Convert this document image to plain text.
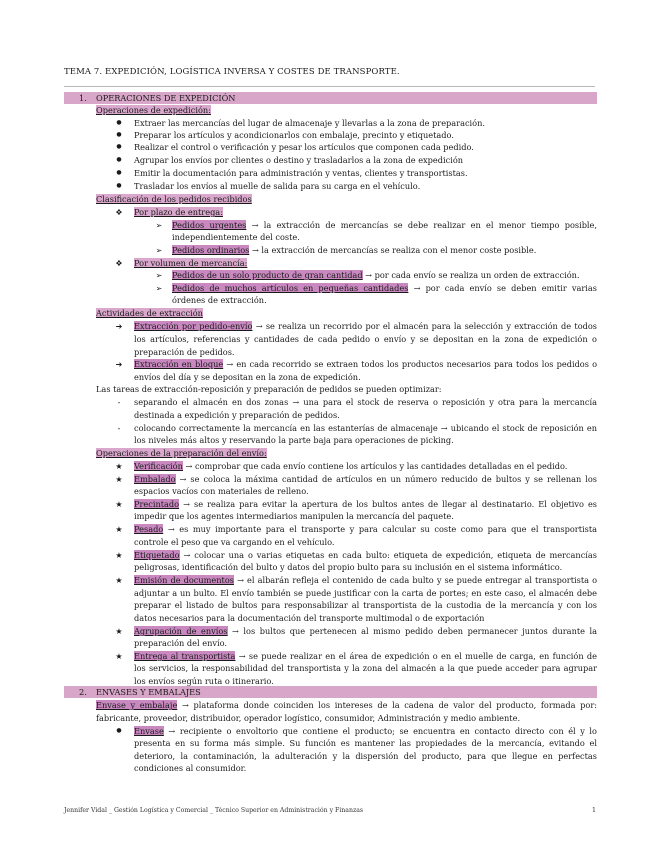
TEMA 7. EXPEDICIÓN, LOGÍSTICA INVERSA Y COSTES DE TRANSPORTE.
1. OPERACIONES DE EXPEDICIÓN
Operaciones de expedición:
●	Extraer las mercancías del lugar de almacenaje y llevarlas a la zona de preparación.
●	Preparar los artículos y acondicionarlos con embalaje, precinto y etiquetado.
●	Realizar el control o verificación y pesar los artículos que componen cada pedido.
●	Agrupar los envíos por clientes o destino y trasladarlos a la zona de expedición
●	Emitir la documentación para administración y ventas, clientes y transportistas.
●	Trasladar los envíos al muelle de salida para su carga en el vehículo.
Clasificación de los pedidos recibidos
❖ Por plazo de entrega:
➢	Pedidos urgentes → la extracción de mercancías se debe realizar en el menor tiempo posible,
independientemente del coste.
➢	Pedidos ordinarios → la extracción de mercancías se realiza con el menor coste posible.
❖ Por volumen de mercancía:
➢	Pedidos de un solo producto de gran cantidad → por cada envío se realiza un orden de extracción.
➢	Pedidos de muchos artículos en pequeñas cantidades → por cada envío se deben emitir varias
órdenes de extracción.
Actividades de extracción
➔	Extracción por pedido-envío → se realiza un recorrido por el almacén para la selección y extracción de todos
los artículos, referencias y cantidades de cada pedido o envío y se depositan en la zona de expedición o
preparación de pedidos.
➔	Extracción en bloque → en cada recorrido se extraen todos los productos necesarios para todos los pedidos o
envíos del día y se depositan en la zona de expedición.
Las tareas de extracción-reposición y preparación de pedidos se pueden optimizar:
-	separando el almacén en dos zonas → una para el stock de reserva o reposición y otra para la mercancía
destinada a expedición y preparación de pedidos.
-	colocando correctamente la mercancía en las estanterías de almacenaje → ubicando el stock de reposición en
los niveles más altos y reservando la parte baja para operaciones de picking.
Operaciones de la preparación del envío:
★ Verificación → comprobar que cada envío contiene los artículos y las cantidades detalladas en el pedido.
★ Embalado → se coloca la máxima cantidad de artículos en un número reducido de bultos y se rellenan los
espacios vacíos con materiales de relleno.
★ Precintado → se realiza para evitar la apertura de los bultos antes de llegar al destinatario. El objetivo es
impedir que los agentes intermediarios manipulen la mercancía del paquete.
★ Pesado → es muy importante para el transporte y para calcular su coste como para que el transportista
controle el peso que va cargando en el vehículo.
★ Etiquetado → colocar una o varias etiquetas en cada bulto: etiqueta de expedición, etiqueta de mercancías
peligrosas, identificación del bulto y datos del propio bulto para su inclusión en el sistema informático.
★ Emisión de documentos → el albarán refleja el contenido de cada bulto y se puede entregar al transportista o
adjuntar a un bulto. El envío también se puede justificar con la carta de portes; en este caso, el almacén debe
preparar el listado de bultos para responsabilizar al transportista de la custodia de la mercancía y con los
datos necesarios para la documentación del transporte multimodal o de exportación
★ Agrupación de envíos → los bultos que pertenecen al mismo pedido deben permanecer juntos durante la
preparación del envío.
★ Entrega al transportista → se puede realizar en el área de expedición o en el muelle de carga, en función de
los servicios, la responsabilidad del transportista y la zona del almacén a la que puede acceder para agrupar
los envíos según ruta o itinerario.
2. ENVASES Y EMBALAJES
Envase y embalaje → plataforma donde coinciden los intereses de la cadena de valor del producto, formada por:
fabricante, proveedor, distribuidor, operador logístico, consumidor, Administración y medio ambiente.
●	Envase → recipiente o envoltorio que contiene el producto; se encuentra en contacto directo con él y lo
presenta en su forma más simple. Su función es mantener las propiedades de la mercancía, evitando el
deterioro, la contaminación, la adulteración y la dispersión del producto, para que llegue en perfectas
condiciones al consumidor.
Jennifer Vidal _ Gestión Logística y Comercial _ Técnico Superior en Administración y Finanzas	1
